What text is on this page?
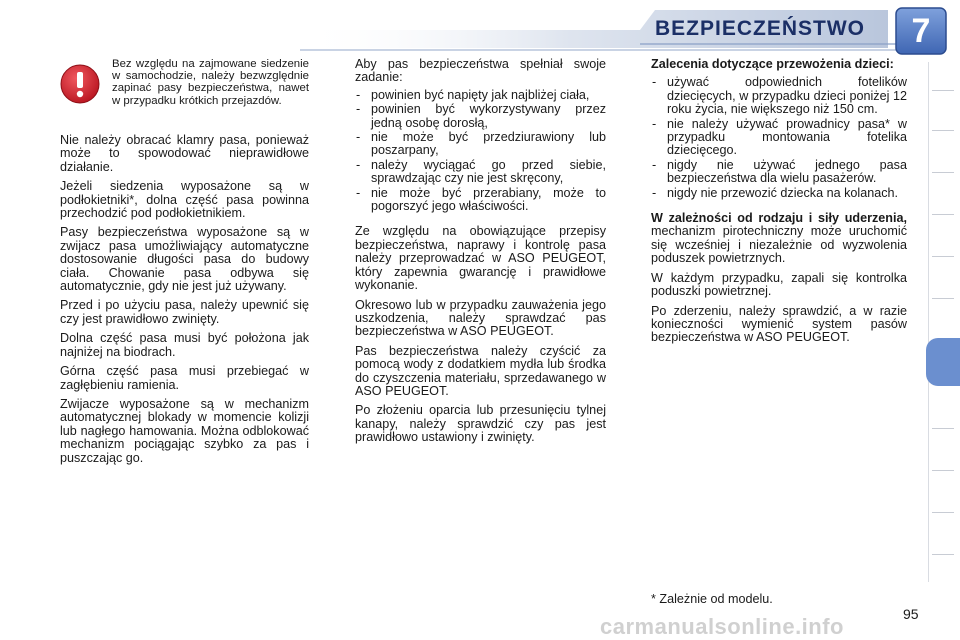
BEZPIECZEŃSTWO	7
Bez względu na zajmowane siedzenie w samochodzie, należy bezwzględnie zapinać pasy bezpieczeństwa, nawet w przypadku krótkich przejazdów.

Nie należy obracać klamry pasa, ponieważ może to spowodować nieprawidłowe działanie.

Jeżeli siedzenia wyposażone są w podłokietniki*, dolna część pasa powinna przechodzić pod podłokietnikiem.

Pasy bezpieczeństwa wyposażone są w zwijacz pasa umożliwiający automatyczne dostosowanie długości pasa do budowy ciała. Chowanie pasa odbywa się automatycznie, gdy nie jest już używany.

Przed i po użyciu pasa, należy upewnić się czy jest prawidłowo zwinięty.

Dolna część pasa musi być położona jak najniżej na biodrach.

Górna część pasa musi przebiegać w zagłębieniu ramienia.

Zwijacze wyposażone są w mechanizm automatycznej blokady w momencie kolizji lub nagłego hamowania. Można odblokować mechanizm pociągając szybko za pas i puszczając go.

Aby pas bezpieczeństwa spełniał swoje zadanie:

- powinien być napięty jak najbliżej ciała,
- powinien być wykorzystywany przez jedną osobę dorosłą,
- nie może być przedziurawiony lub poszarpany,
- należy wyciągać go przed siebie, sprawdzając czy nie jest skręcony,
- nie może być przerabiany, może to pogorszyć jego właściwości.

Ze względu na obowiązujące przepisy bezpieczeństwa, naprawy i kontrolę pasa należy przeprowadzać w ASO PEUGEOT, który zapewnia gwarancję i prawidłowe wykonanie.

Okresowo lub w przypadku zauważenia jego uszkodzenia, należy sprawdzać pas bezpieczeństwa w ASO PEUGEOT.

Pas bezpieczeństwa należy czyścić za pomocą wody z dodatkiem mydła lub środka do czyszczenia materiału, sprzedawanego w ASO PEUGEOT.

Po złożeniu oparcia lub przesunięciu tylnej kanapy, należy sprawdzić czy pas jest prawidłowo ustawiony i zwinięty.

Zalecenia dotyczące przewożenia dzieci:
- używać odpowiednich fotelików dziecięcych, w przypadku dzieci poniżej 12 roku życia, nie większego niż 150 cm.
- nie należy używać prowadnicy pasa* w przypadku montowania fotelika dziecięcego.
- nigdy nie używać jednego pasa bezpieczeństwa dla wielu pasażerów.
- nigdy nie przewozić dziecka na kolanach.

W zależności od rodzaju i siły uderzenia, mechanizm pirotechniczny może uruchomić się wcześniej i niezależnie od wyzwolenia poduszek powietrznych.

W każdym przypadku, zapali się kontrolka poduszki powietrznej.

Po zderzeniu, należy sprawdzić, a w razie konieczności wymienić system pasów bezpieczeństwa w ASO PEUGEOT.

* Zależnie od modelu.
carmanualsonline.info	95
